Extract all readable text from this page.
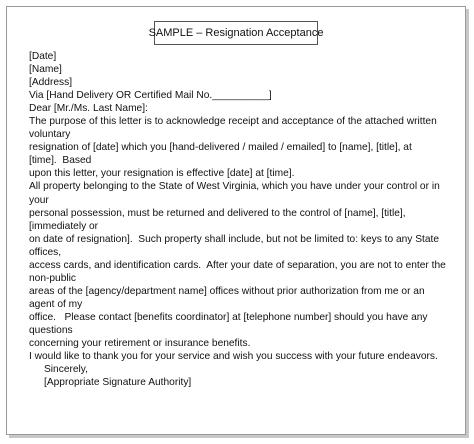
SAMPLE – Resignation Acceptance
[Date]
[Name]
[Address]
Via [Hand Delivery OR Certified Mail No.__________]
Dear [Mr./Ms. Last Name]:
The purpose of this letter is to acknowledge receipt and acceptance of the attached written
voluntary
resignation of [date] which you [hand-delivered / mailed / emailed] to [name], [title], at
[time].  Based
upon this letter, your resignation is effective [date] at [time].
All property belonging to the State of West Virginia, which you have under your control or in
your
personal possession, must be returned and delivered to the control of [name], [title],
[immediately or
on date of resignation].  Such property shall include, but not be limited to: keys to any State
offices,
access cards, and identification cards.  After your date of separation, you are not to enter the
non-public
areas of the [agency/department name] offices without prior authorization from me or an
agent of my
office.   Please contact [benefits coordinator] at [telephone number] should you have any
questions
concerning your retirement or insurance benefits.
I would like to thank you for your service and wish you success with your future endeavors.
Sincerely,
[Appropriate Signature Authority]
